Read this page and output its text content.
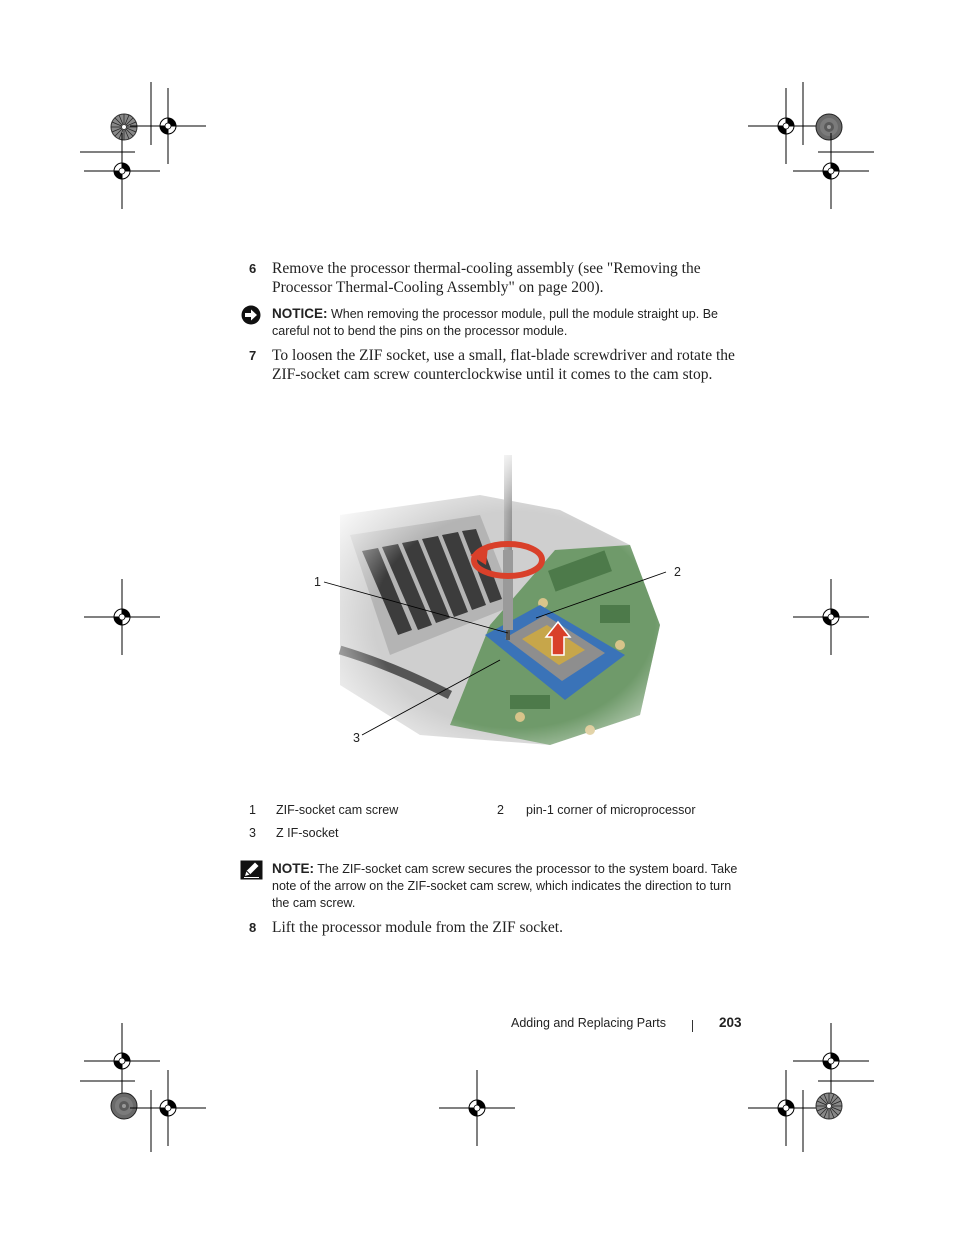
6 Remove the processor thermal-cooling assembly (see "Removing the Processor Thermal-Cooling Assembly" on page 200).
NOTICE: When removing the processor module, pull the module straight up. Be careful not to bend the pins on the processor module.
7 To loosen the ZIF socket, use a small, flat-blade screwdriver and rotate the ZIF-socket cam screw counterclockwise until it comes to the cam stop.
1
2
3
1 ZIF-socket cam screw	2 pin-1 corner of microprocessor
3 Z IF-socket
NOTE: The ZIF-socket cam screw secures the processor to the system board. Take note of the arrow on the ZIF-socket cam screw, which indicates the direction to turn the cam screw.
8 Lift the processor module from the ZIF socket.
Adding and Replacing Parts	203
